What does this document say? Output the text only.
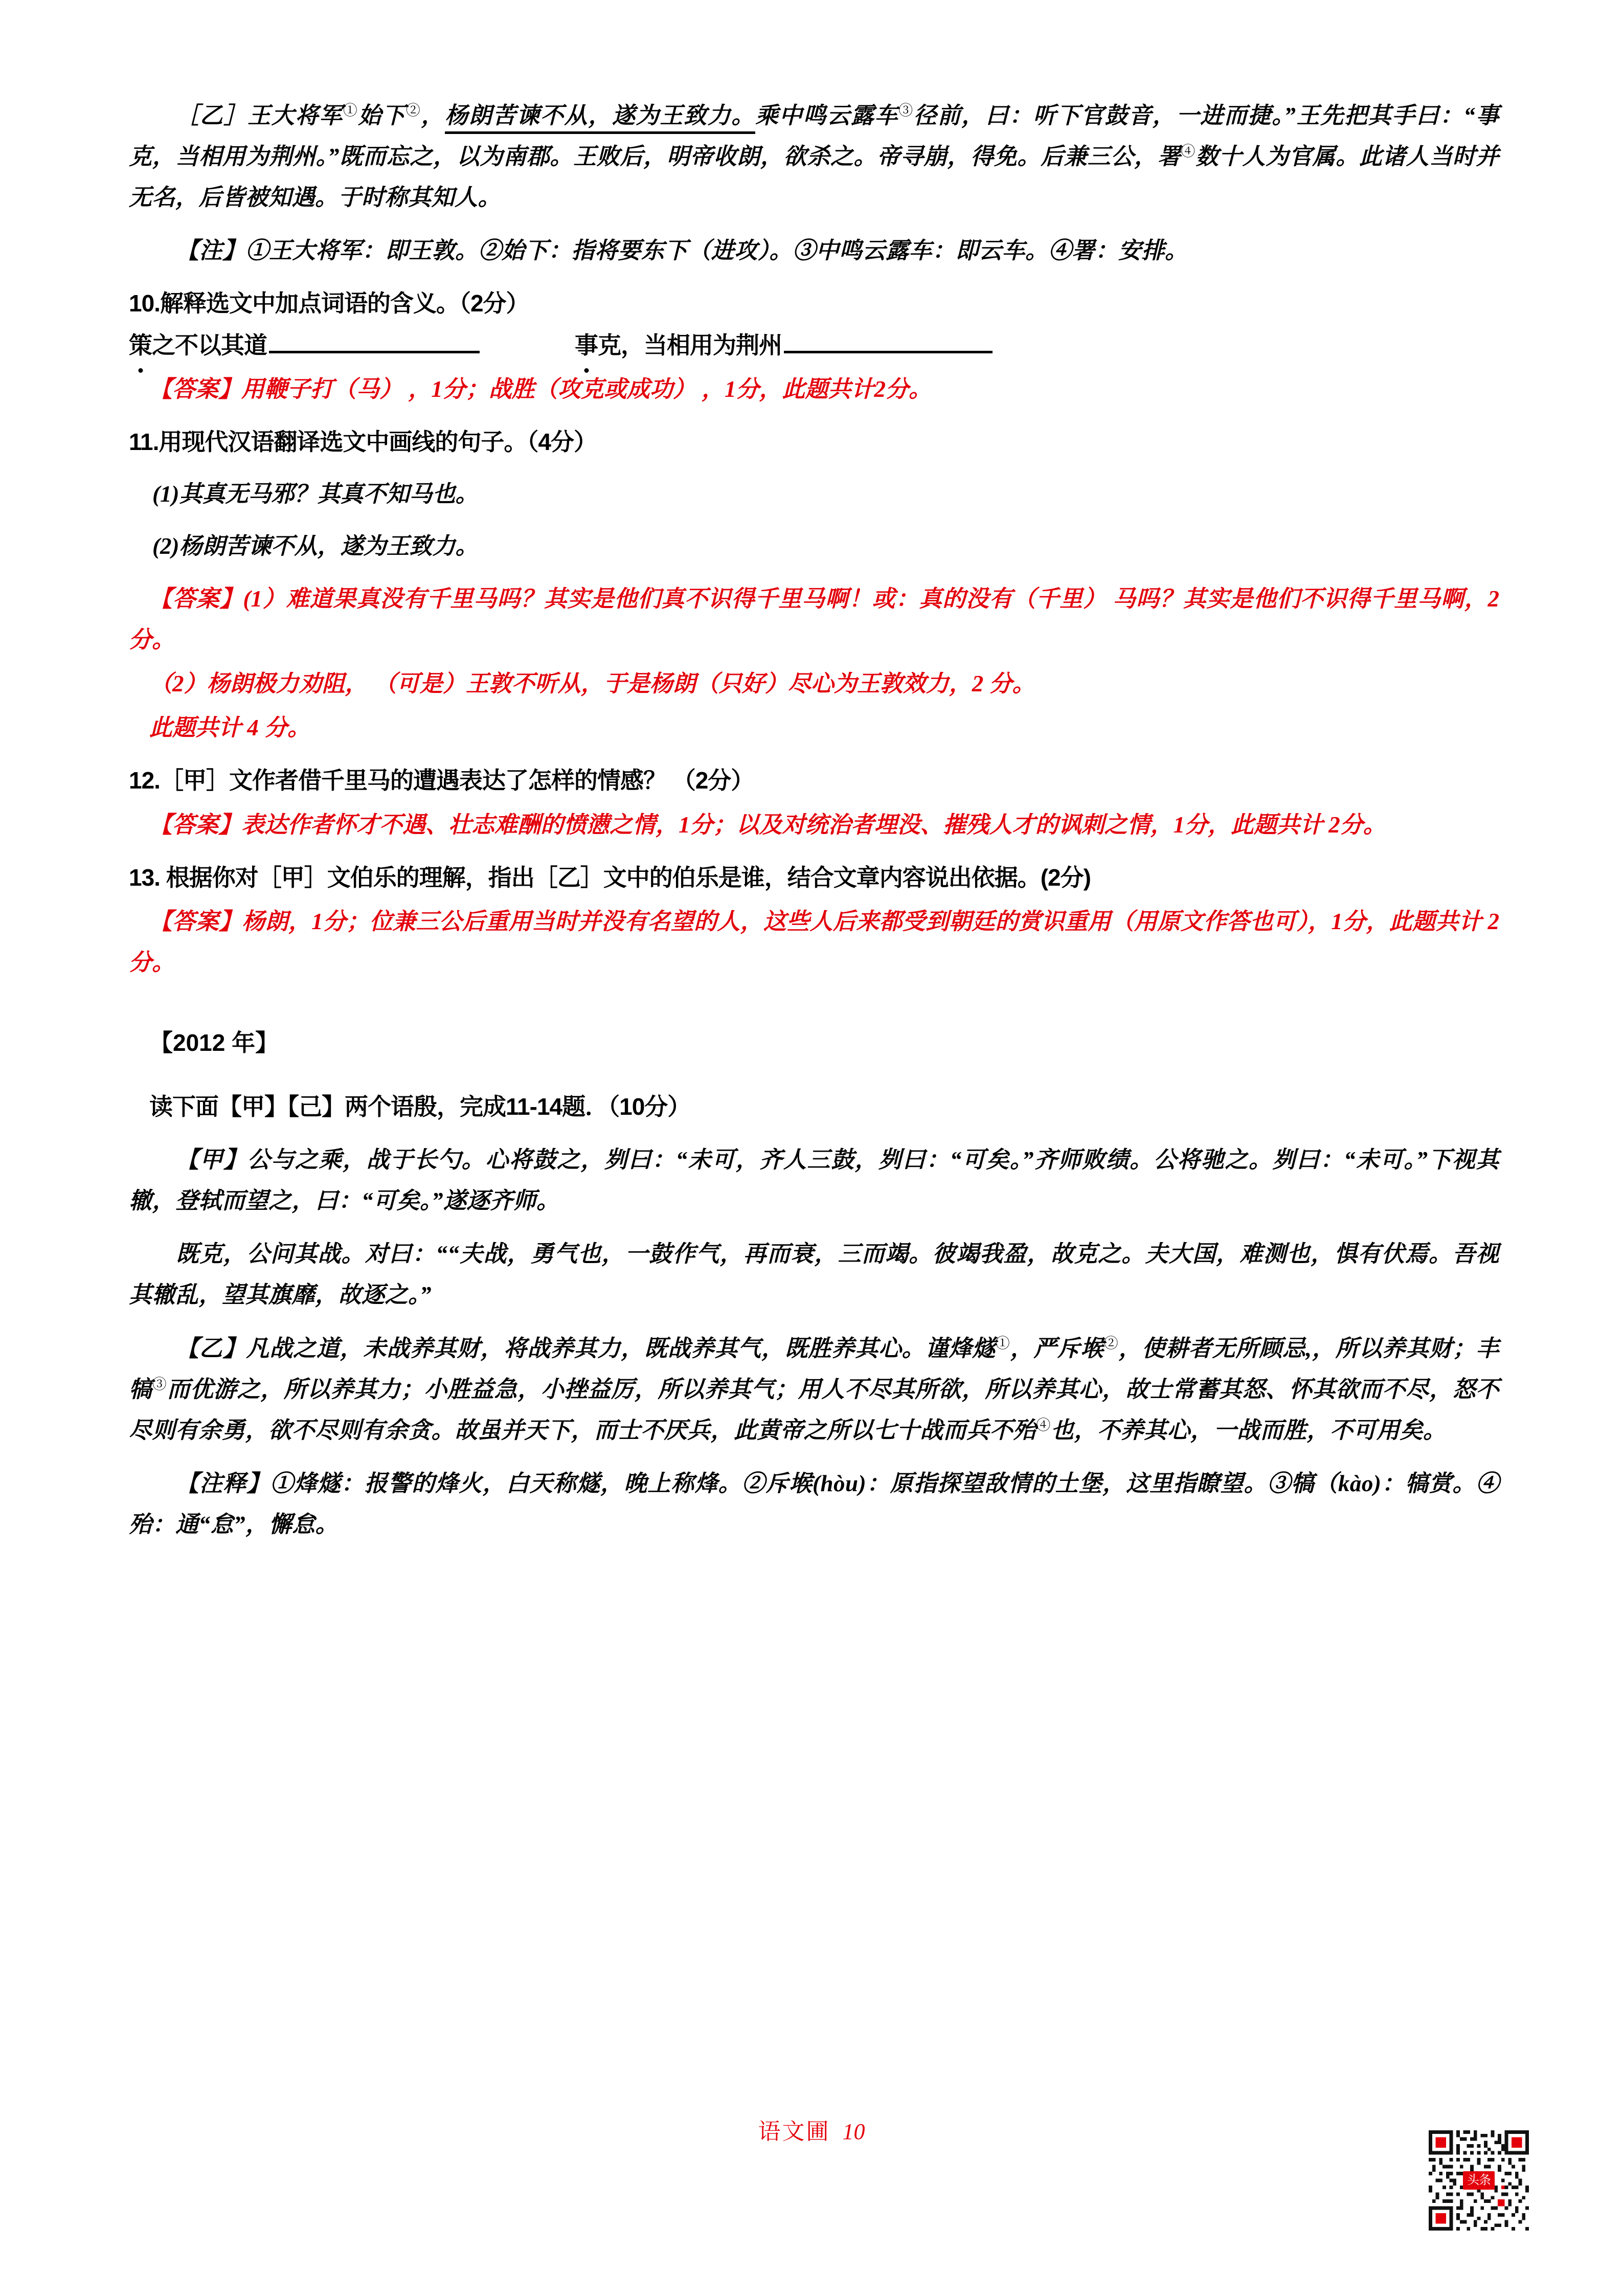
［乙］王大将军①始下②，杨朗苦谏不从，遂为王致力。乘中鸣云露车③径前，曰：听下官鼓音，一进而捷。”王先把其手曰：“事克，当相用为荆州。”既而忘之，以为南郡。王败后，明帝收朗，欲杀之。帝寻崩，得免。后兼三公，署④数十人为官属。此诸人当时并无名，后皆被知遇。于时称其知人。

【注】①王大将军：即王敦。②始下：指将要东下（进攻）。③中鸣云露车：即云车。④署：安排。

10.解释选文中加点词语的含义。（2分）

策之不以其道	事克，当相用为荆州

【答案】用鞭子打（马） ，1分；战胜（攻克或成功） ，1分，此题共计2分。

11.用现代汉语翻译选文中画线的句子。（4分）

(1)其真无马邪？其真不知马也。

(2)杨朗苦谏不从，遂为王致力。

【答案】(1）难道果真没有千里马吗？其实是他们真不识得千里马啊！或：真的没有（千里） 马吗？其实是他们不识得千里马啊，2分。

（2）杨朗极力劝阻， （可是）王敦不听从，于是杨朗（只好）尽心为王敦效力，2 分。

此题共计 4 分。

12.［甲］文作者借千里马的遭遇表达了怎样的情感？ （2分）

【答案】表达作者怀才不遇、壮志难酬的愤懑之情，1分；以及对统治者埋没、摧残人才的讽刺之情，1分，此题共计 2分。

13. 根据你对［甲］文伯乐的理解，指出［乙］文中的伯乐是谁，结合文章内容说出依据。(2分)

【答案】杨朗，1分；位兼三公后重用当时并没有名望的人，这些人后来都受到朝廷的赏识重用（用原文作答也可），1分，此题共计 2分。

【2012 年】

读下面【甲】【己】两个语殷，完成11-14题．（10分）

【甲】公与之乘，战于长勺。心将鼓之，刿曰：“未可，齐人三鼓，刿曰：“可矣。”齐师败绩。公将驰之。刿曰：“未可。”下视其辙，登轼而望之，曰：“可矣。”遂逐齐师。

既克，公问其战。对曰：““夫战，勇气也，一鼓作气，再而衰，三而竭。彼竭我盈，故克之。夫大国，难测也，惧有伏焉。吾视其辙乱，望其旗靡，故逐之。”

【乙】凡战之道，未战养其财，将战养其力，既战养其气，既胜养其心。谨烽燧①，严斥堠②，使耕者无所顾忌,，所以养其财；丰犒③而优游之，所以养其力；小胜益急，小挫益厉，所以养其气；用人不尽其所欲，所以养其心，故士常蓄其怒、怀其欲而不尽，怒不尽则有余勇，欲不尽则有余贪。故虽并天下，而士不厌兵，此黄帝之所以七十战而兵不殆④也，不养其心，一战而胜，不可用矣。

【注释】①烽燧：报警的烽火，白天称燧，晚上称烽。②斥堠(hòu)：原指探望敌情的土堡，这里指瞭望。③犒（kào)：犒赏。④殆：通“怠”，懈怠。

语文圃 10
头条
